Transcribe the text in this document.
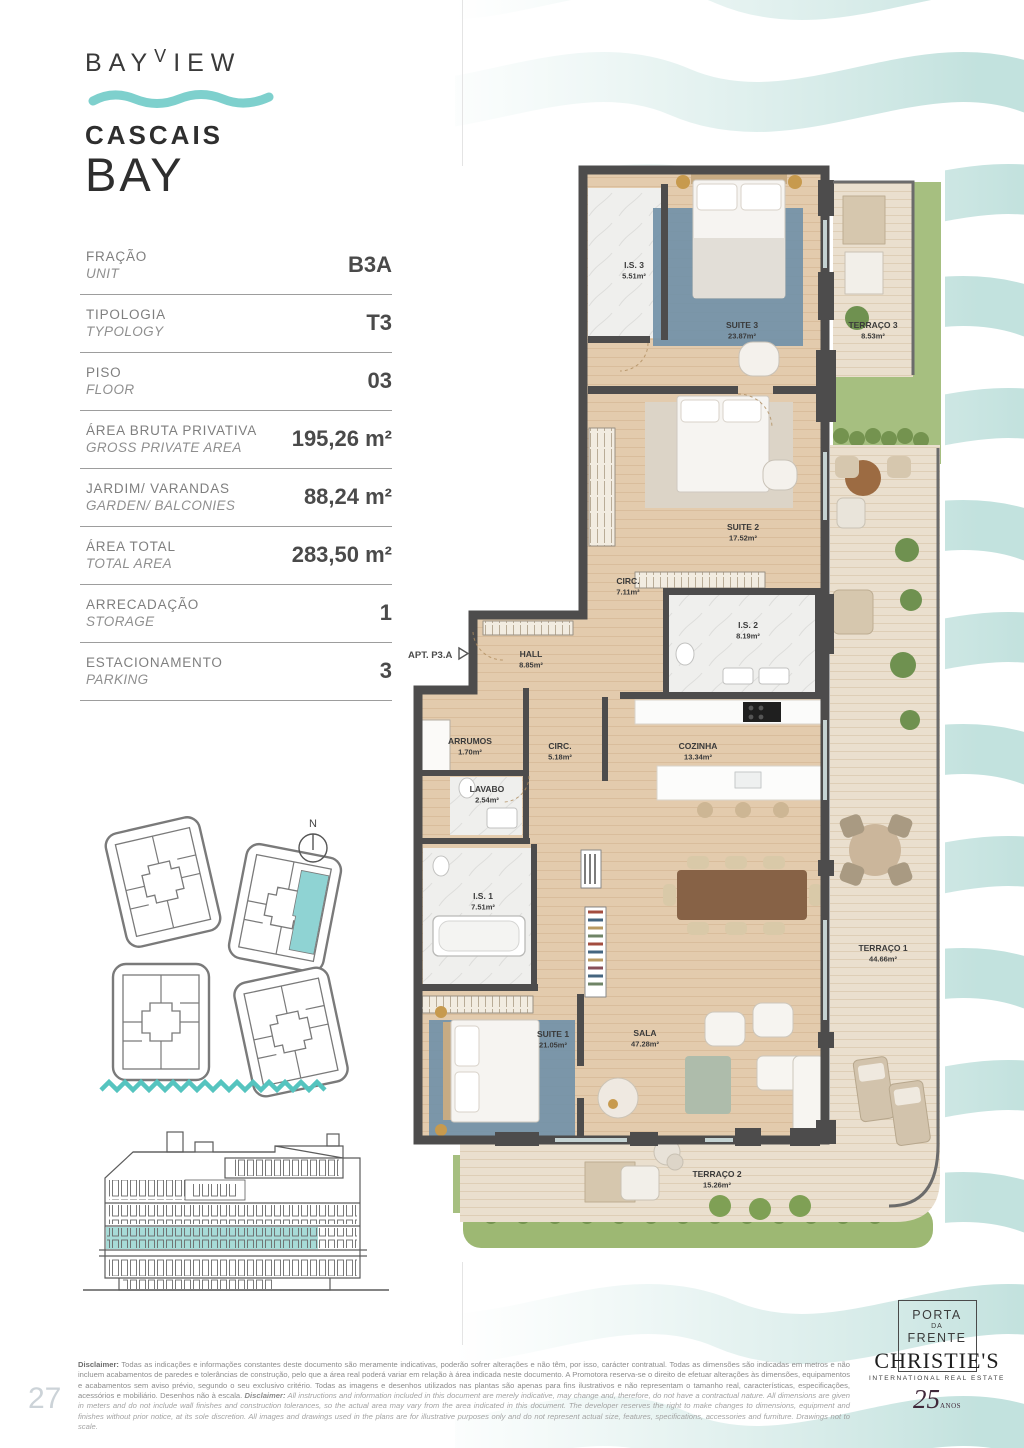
$BAY^VIEW$
CASCAIS
BAY
FRAÇÃO
UNIT	B3A
TIPOLOGIA
TYPOLOGY	T3
PISO
FLOOR	03
ÁREA BRUTA PRIVATIVA
GROSS PRIVATE AREA	195,26 m²
JARDIM/ VARANDAS
GARDEN/ BALCONIES	88,24 m²
ÁREA TOTAL
TOTAL AREA	283,50 m²
ARRECADAÇÃO
STORAGE	1
ESTACIONAMENTO
PARKING	3
N
APT. P3.A
I.S. 3 5.51m²
SUITE 3 23.87m²
TERRAÇO 3 8.53m²
SUITE 2 17.52m²
CIRC. 7.11m²
I.S. 2 8.19m²
HALL 8.85m²
ARRUMOS 1.70m²
CIRC. 5.18m²
COZINHA 13.34m²
LAVABO 2.54m²
I.S. 1 7.51m²
SUITE 1 21.05m²
SALA 47.28m²
TERRAÇO 1 44.66m²
TERRAÇO 2 15.26m²
27

Disclaimer: Todas as indicações e informações constantes deste documento são meramente indicativas, poderão sofrer alterações e não têm, por isso, carácter contratual. Todas as dimensões são indicadas em metros e não incluem acabamentos de paredes e tolerâncias de construção, pelo que a área real poderá variar em relação à área indicada neste documento. A Promotora reserva-se o direito de efetuar alterações às dimensões, equipamentos e acabamentos sem aviso prévio, segundo o seu exclusivo critério. Todas as imagens e desenhos utilizados nas plantas são apenas para fins ilustrativos e não representam o tamanho real, características, especificações, acessórios e mobiliário. Desenhos não à escala. Disclaimer: All instructions and information included in this document are merely indicative, may change and, therefore, do not have a contractual nature. All dimensions are given in meters and do not include wall finishes and construction tolerances, so the actual area may vary from the area indicated in this document. The developer reserves the right to make changes to dimensions, equipment and finishes without prior notice, at its sole discretion. All images and drawings used in the plans are for illustrative purposes only and do not represent actual size, features, specifications, accessories and furniture. Drawings not to scale.

PORTA
DA
FRENTE
CHRISTIE'S
INTERNATIONAL REAL ESTATE
25ANOS
